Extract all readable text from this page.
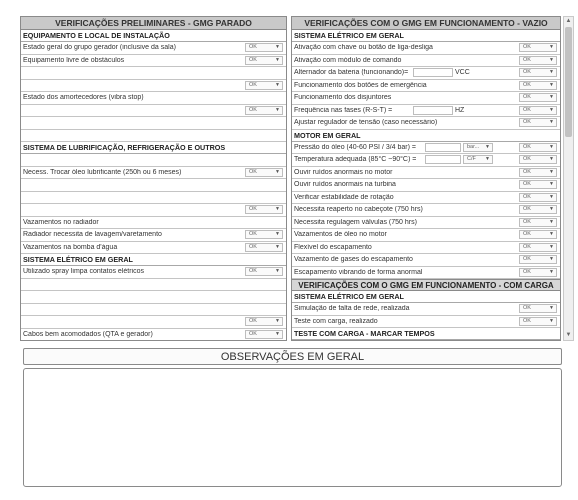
VERIFICAÇÕES PRELIMINARES - GMG PARADO
EQUIPAMENTO E LOCAL DE INSTALAÇÃO
Estado geral do grupo gerador (inclusive da sala)	OK	▼
Equipamento livre de obstáculos	OK	▼
OK	▼
Estado dos amortecedores (vibra stop)
OK	▼
SISTEMA DE LUBRIFICAÇÃO, REFRIGERAÇÃO E OUTROS
Necess. Trocar óleo lubrificante (250h ou 6 meses)	OK	▼
OK	▼
Vazamentos no radiador
Radiador necessita de lavagem/varetamento	OK	▼
Vazamentos na bomba d'água	OK	▼
SISTEMA ELÉTRICO EM GERAL
Utilizado spray limpa contatos elétricos	OK	▼
OK	▼
Cabos bem acomodados (QTA e gerador)	OK	▼
VERIFICAÇÕES COM O GMG EM FUNCIONAMENTO - VAZIO
SISTEMA ELÉTRICO EM GERAL
Ativação com chave ou botão de liga-desliga	OK	▼
Ativação com módulo de comando	OK	▼
Alternador da bateria (funcionando)=	VCC	OK	▼
Funcionamento dos botões de emergência	OK	▼
Funcionamento dos disjuntores	OK	▼
Frequência nas fases (R-S-T) =	HZ	OK	▼
Ajustar regulador de tensão (caso necessário)	OK	▼
MOTOR EM GERAL
Pressão do óleo (40-60 PSI / 3/4 bar) =	bar... ▼	OK	▼
Temperatura adequada (85°C ~90°C) =	C/F ▼	OK	▼
Ouvir ruídos anormais no motor	OK	▼
Ouvir ruídos anormais na turbina	OK	▼
Verificar estabilidade de rotação	OK	▼
Necessita reaperto no cabeçote (750 hrs)	OK	▼
Necessita regulagem válvulas (750 hrs)	OK	▼
Vazamentos de óleo no motor	OK	▼
Flexível do escapamento	OK	▼
Vazamento de gases do escapamento	OK	▼
Escapamento vibrando de forma anormal	OK	▼
VERIFICAÇÕES COM O GMG EM FUNCIONAMENTO - COM CARGA
SISTEMA ELÉTRICO EM GERAL
Simulação de falta de rede, realizada	OK	▼
Teste com carga, realizado	OK	▼
TESTE COM CARGA - MARCAR TEMPOS
▲
▼
OBSERVAÇÕES EM GERAL
